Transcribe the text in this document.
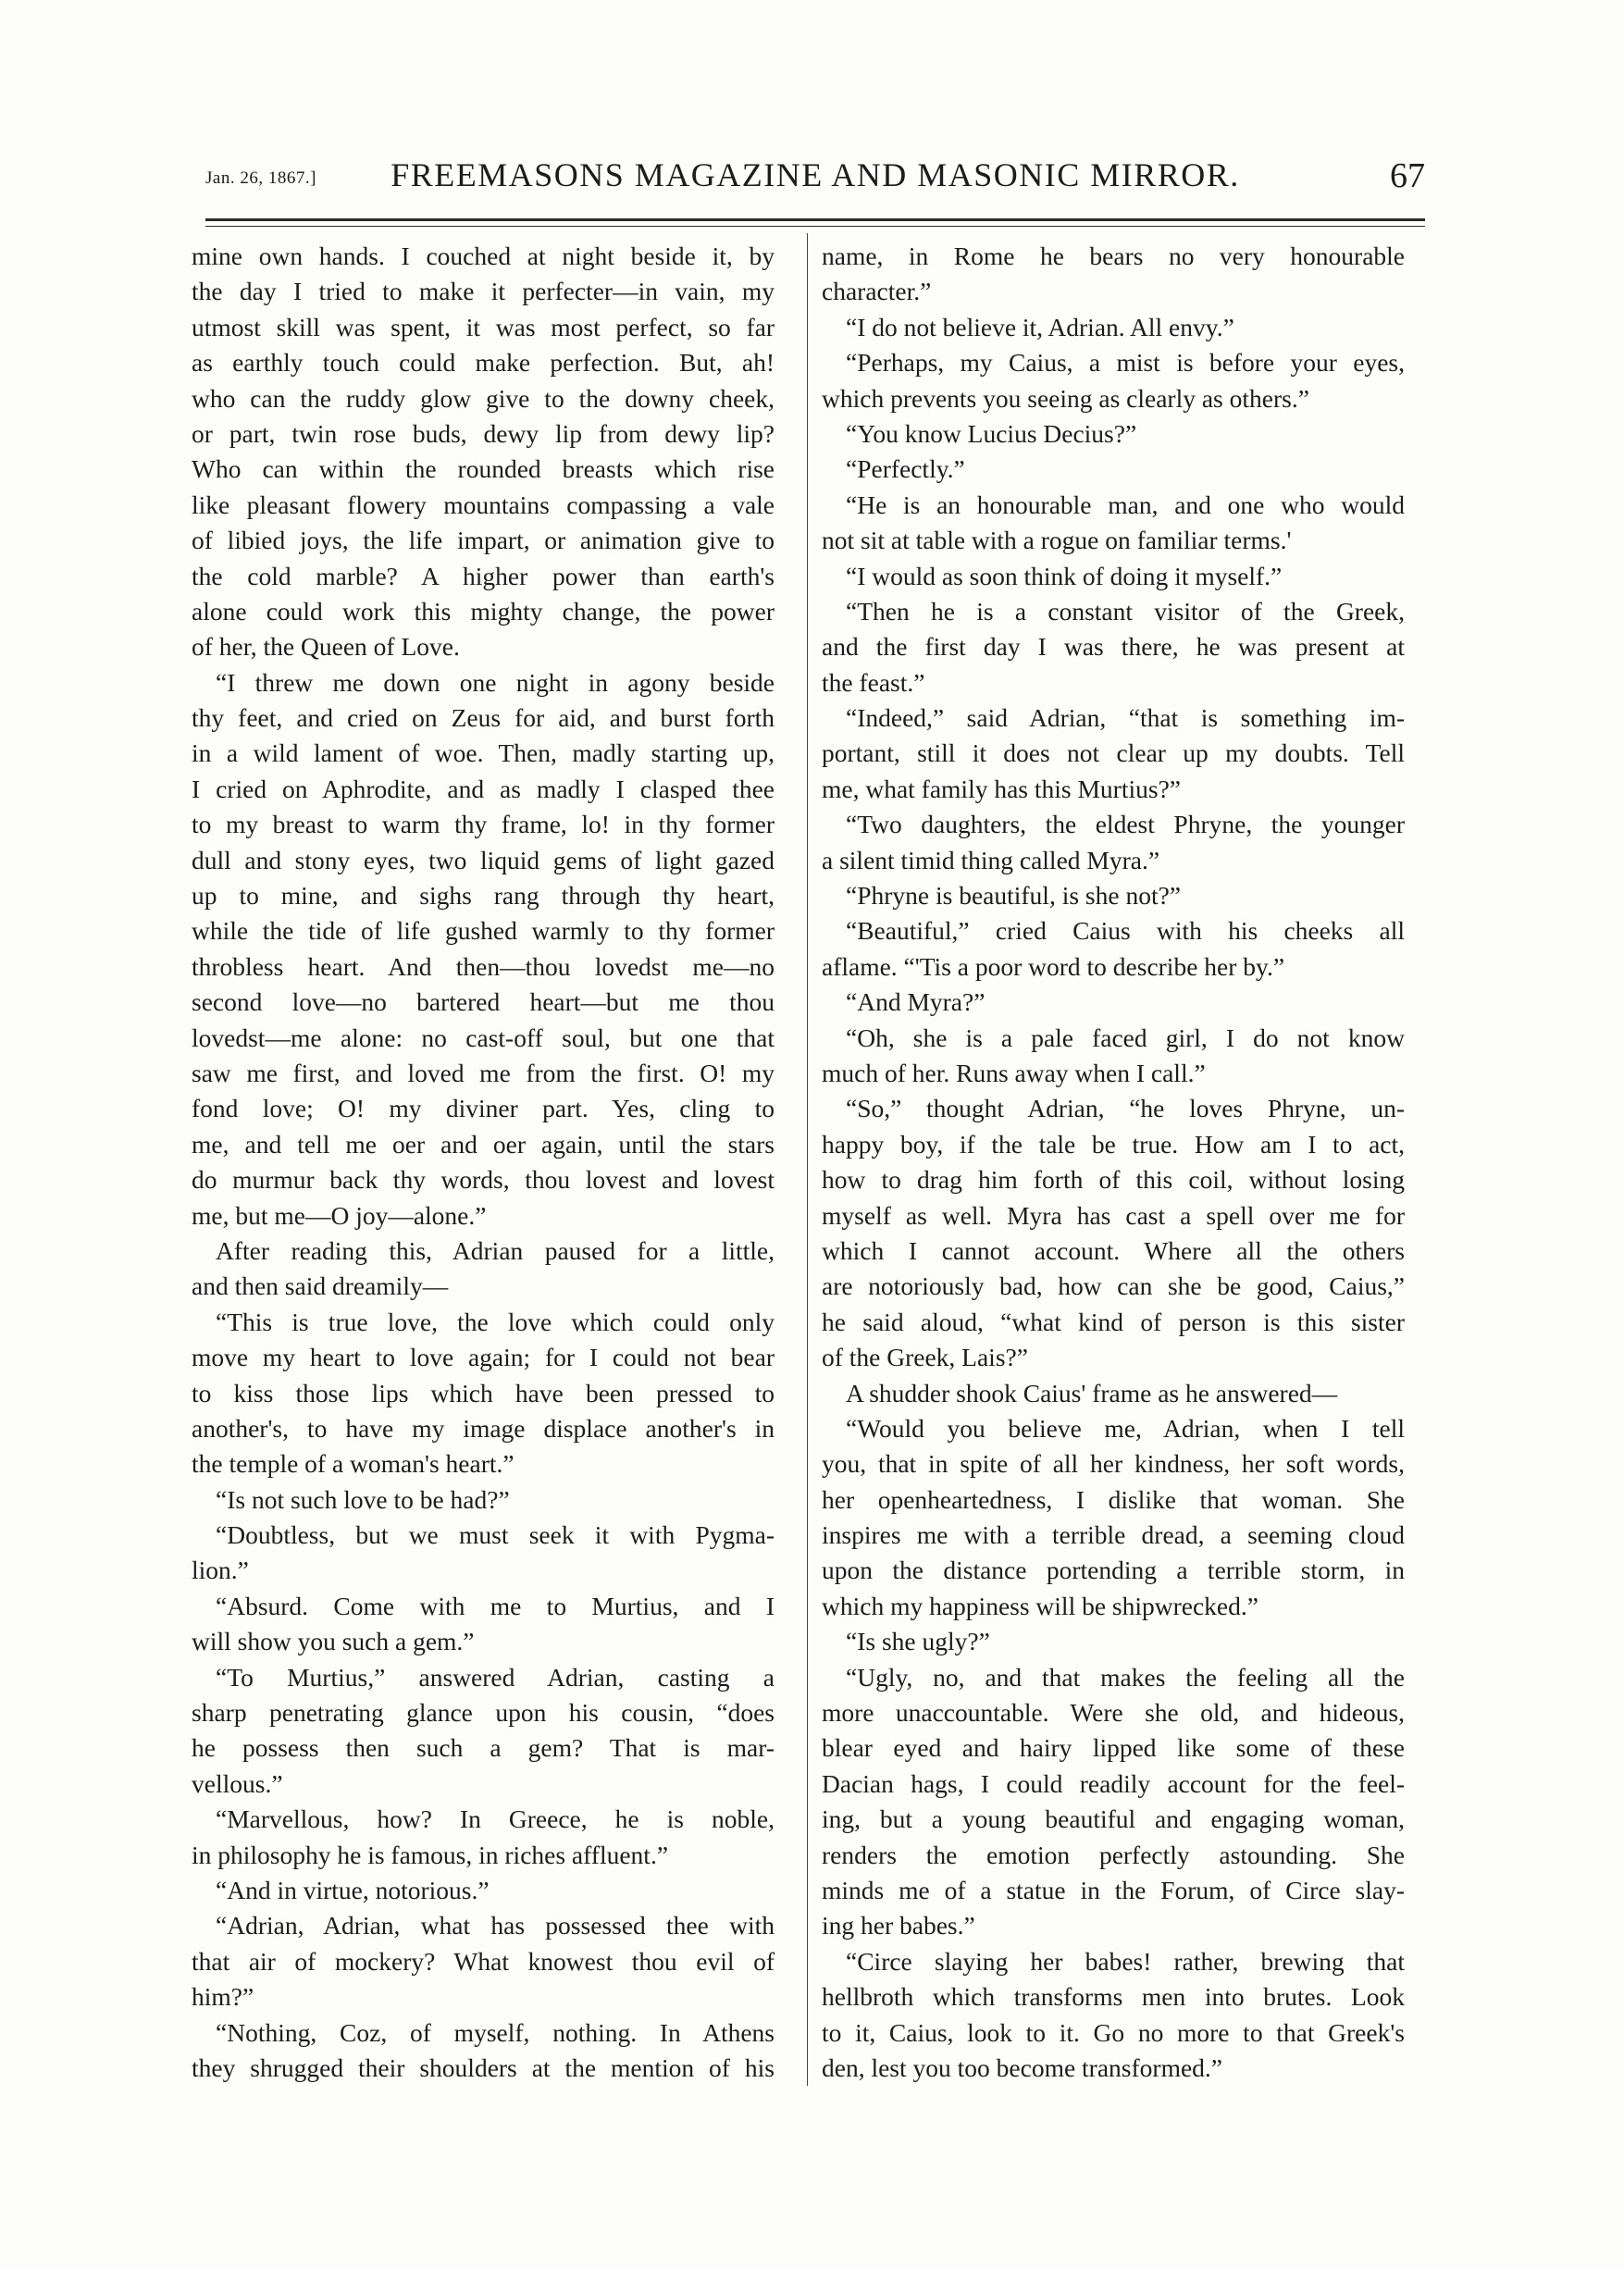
Jan. 26, 1867.]	FREEMASONS MAGAZINE AND MASONIC MIRROR.	67
mine own hands. I couched at night beside it, by
the day I tried to make it perfecter—in vain, my
utmost skill was spent, it was most perfect, so far
as earthly touch could make perfection. But, ah!
who can the ruddy glow give to the downy cheek,
or part, twin rose buds, dewy lip from dewy lip?
Who can within the rounded breasts which rise
like pleasant flowery mountains compassing a vale
of libied joys, the life impart, or animation give to
the cold marble? A higher power than earth's
alone could work this mighty change, the power
of her, the Queen of Love.
“I threw me down one night in agony beside
thy feet, and cried on Zeus for aid, and burst forth
in a wild lament of woe. Then, madly starting up,
I cried on Aphrodite, and as madly I clasped thee
to my breast to warm thy frame, lo! in thy former
dull and stony eyes, two liquid gems of light gazed
up to mine, and sighs rang through thy heart,
while the tide of life gushed warmly to thy former
throbless heart. And then—thou lovedst me—no
second love—no bartered heart—but me thou
lovedst—me alone: no cast-off soul, but one that
saw me first, and loved me from the first. O! my
fond love; O! my diviner part. Yes, cling to
me, and tell me oer and oer again, until the stars
do murmur back thy words, thou lovest and lovest
me, but me—O joy—alone.”
After reading this, Adrian paused for a little,
and then said dreamily—
“This is true love, the love which could only
move my heart to love again; for I could not bear
to kiss those lips which have been pressed to
another's, to have my image displace another's in
the temple of a woman's heart.”
“Is not such love to be had?”
“Doubtless, but we must seek it with Pygma-
lion.”
“Absurd. Come with me to Murtius, and I
will show you such a gem.”
“To Murtius,” answered Adrian, casting a
sharp penetrating glance upon his cousin, “does
he possess then such a gem? That is mar-
vellous.”
“Marvellous, how? In Greece, he is noble,
in philosophy he is famous, in riches affluent.”
“And in virtue, notorious.”
“Adrian, Adrian, what has possessed thee with
that air of mockery? What knowest thou evil of
him?”
“Nothing, Coz, of myself, nothing. In Athens
they shrugged their shoulders at the mention of his
name, in Rome he bears no very honourable
character.”
“I do not believe it, Adrian. All envy.”
“Perhaps, my Caius, a mist is before your eyes,
which prevents you seeing as clearly as others.”
“You know Lucius Decius?”
“Perfectly.”
“He is an honourable man, and one who would
not sit at table with a rogue on familiar terms.'
“I would as soon think of doing it myself.”
“Then he is a constant visitor of the Greek,
and the first day I was there, he was present at
the feast.”
“Indeed,” said Adrian, “that is something im-
portant, still it does not clear up my doubts. Tell
me, what family has this Murtius?”
“Two daughters, the eldest Phryne, the younger
a silent timid thing called Myra.”
“Phryne is beautiful, is she not?”
“Beautiful,” cried Caius with his cheeks all
aflame. “'Tis a poor word to describe her by.”
“And Myra?”
“Oh, she is a pale faced girl, I do not know
much of her. Runs away when I call.”
“So,” thought Adrian, “he loves Phryne, un-
happy boy, if the tale be true. How am I to act,
how to drag him forth of this coil, without losing
myself as well. Myra has cast a spell over me for
which I cannot account. Where all the others
are notoriously bad, how can she be good, Caius,”
he said aloud, “what kind of person is this sister
of the Greek, Lais?”
A shudder shook Caius' frame as he answered—
“Would you believe me, Adrian, when I tell
you, that in spite of all her kindness, her soft words,
her openheartedness, I dislike that woman. She
inspires me with a terrible dread, a seeming cloud
upon the distance portending a terrible storm, in
which my happiness will be shipwrecked.”
“Is she ugly?”
“Ugly, no, and that makes the feeling all the
more unaccountable. Were she old, and hideous,
blear eyed and hairy lipped like some of these
Dacian hags, I could readily account for the feel-
ing, but a young beautiful and engaging woman,
renders the emotion perfectly astounding. She
minds me of a statue in the Forum, of Circe slay-
ing her babes.”
“Circe slaying her babes! rather, brewing that
hellbroth which transforms men into brutes. Look
to it, Caius, look to it. Go no more to that Greek's
den, lest you too become transformed.”
